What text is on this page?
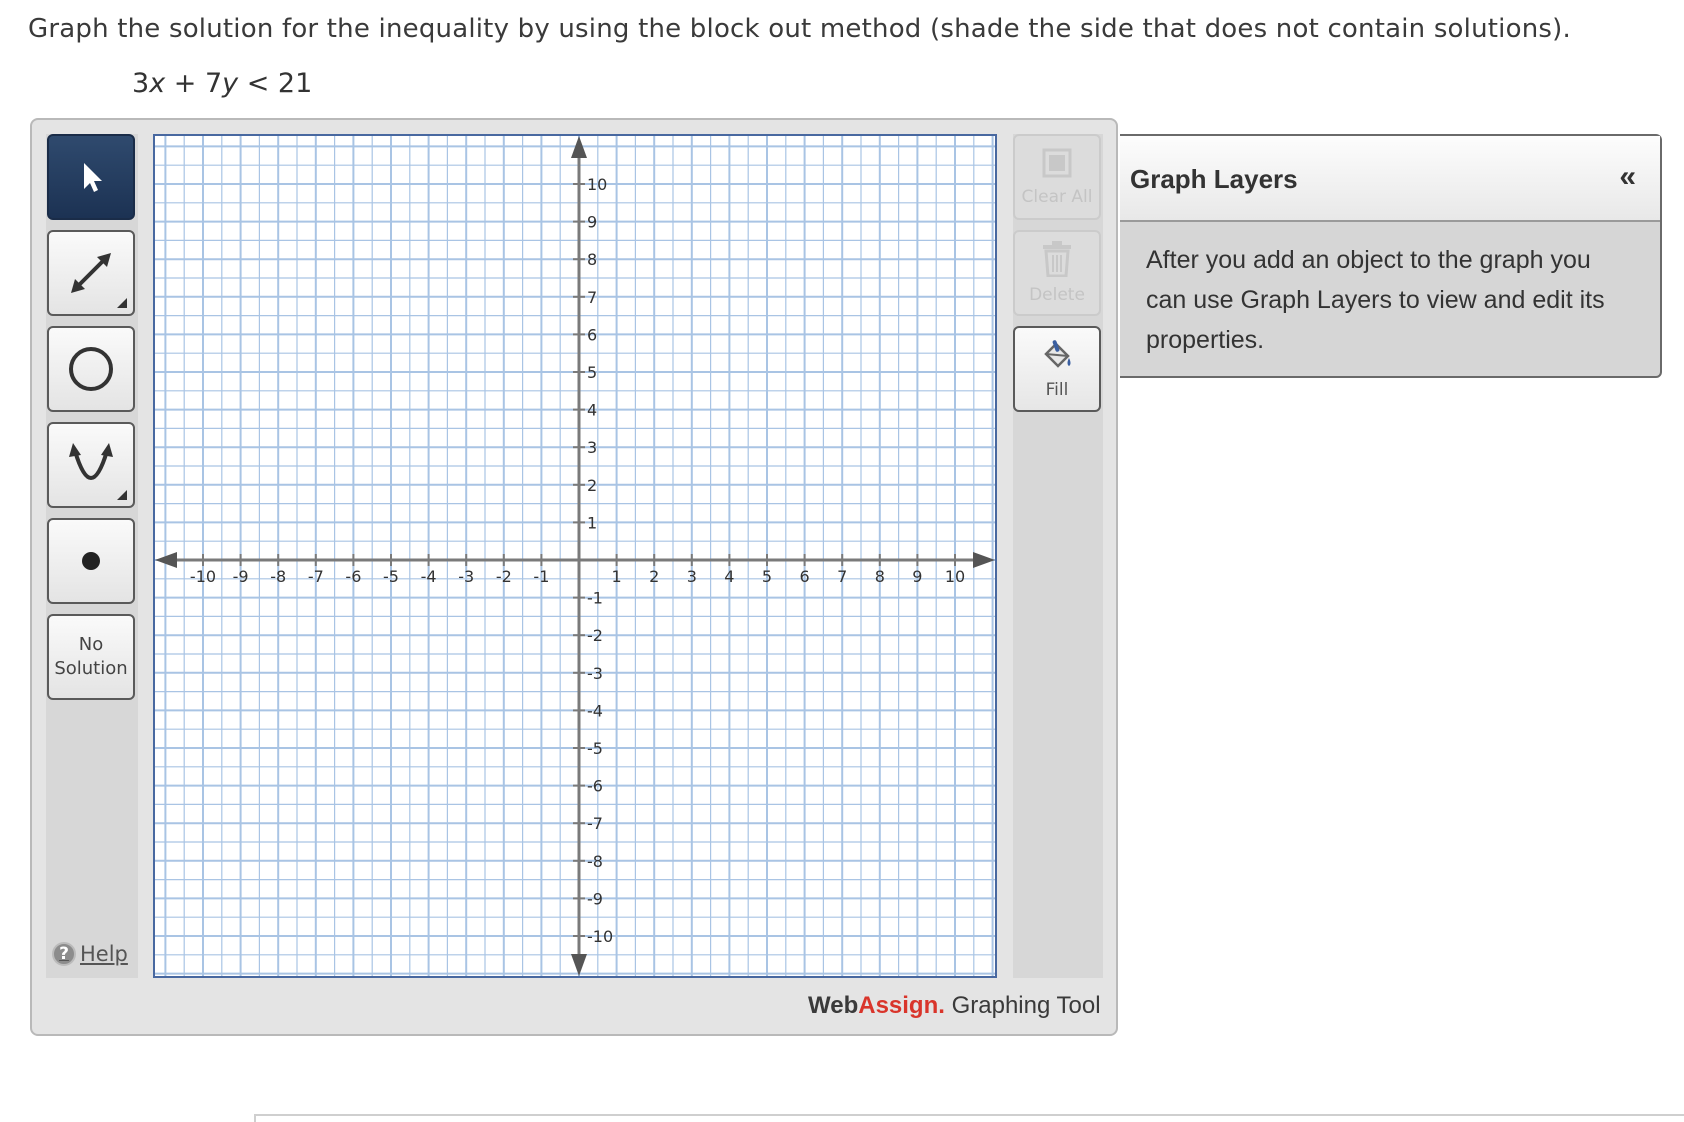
Graph the solution for the inequality by using the block out method (shade the side that does not contain solutions).
3x + 7y < 21
No
Solution
? Help
Clear All
Delete
Fill
-10 -9 -8 -7 -6 -5 -4 -3 -2 -1	1 2 3 4 5 6 7 8 9 10
10
9
8
7
6
5
4
3
2
1
-1
-2
-3
-4
-5
-6
-7
-8
-9
-10
WebAssign. Graphing Tool
Graph Layers	«
After you add an object to the graph you can use Graph Layers to view and edit its properties.
